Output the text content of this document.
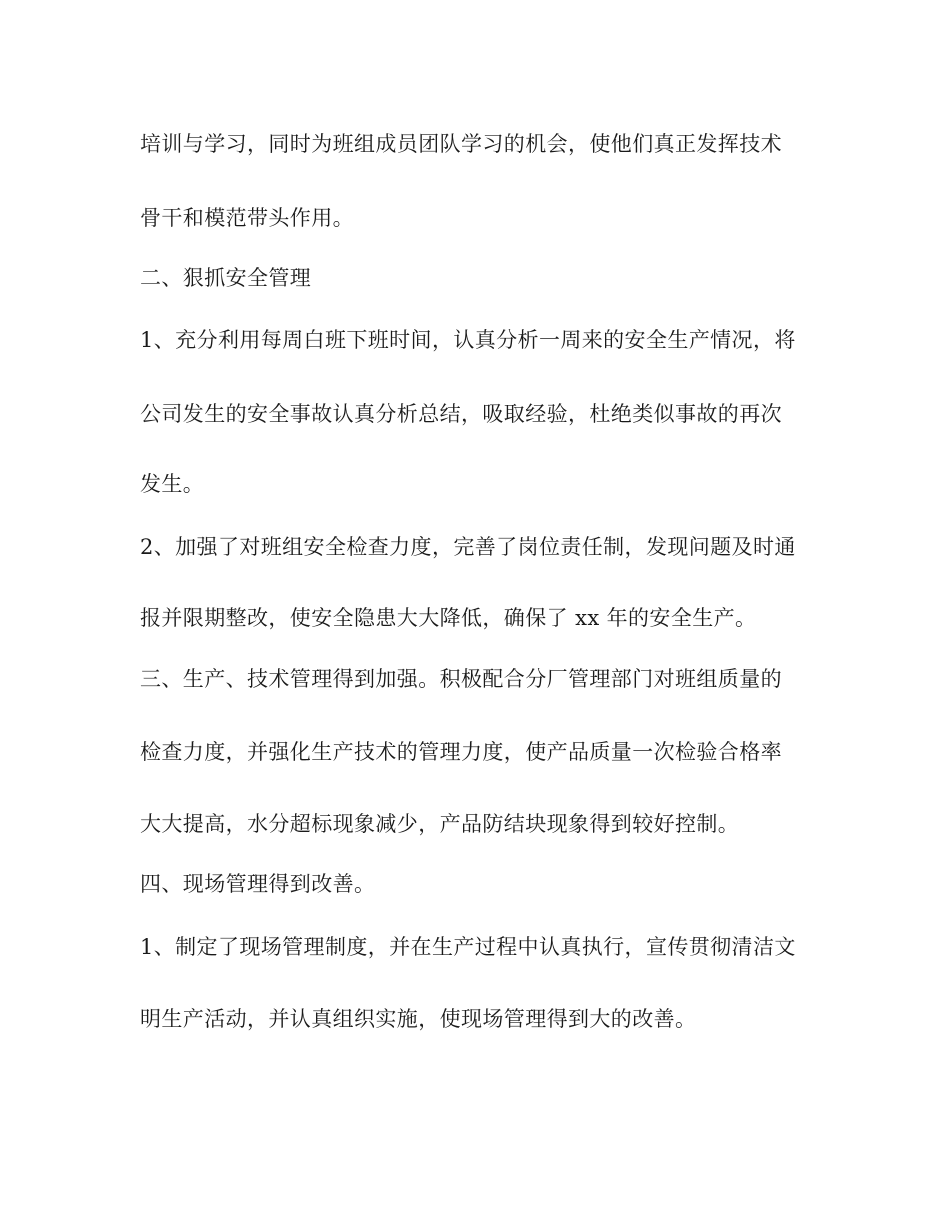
培训与学习，同时为班组成员团队学习的机会，使他们真正发挥技术
骨干和模范带头作用。
二、狠抓安全管理
1、充分利用每周白班下班时间，认真分析一周来的安全生产情况，将
公司发生的安全事故认真分析总结，吸取经验，杜绝类似事故的再次
发生。
2、加强了对班组安全检查力度，完善了岗位责任制，发现问题及时通
报并限期整改，使安全隐患大大降低，确保了 xx 年的安全生产。
三、生产、技术管理得到加强。积极配合分厂管理部门对班组质量的
检查力度，并强化生产技术的管理力度，使产品质量一次检验合格率
大大提高，水分超标现象减少，产品防结块现象得到较好控制。
四、现场管理得到改善。
1、制定了现场管理制度，并在生产过程中认真执行，宣传贯彻清洁文
明生产活动，并认真组织实施，使现场管理得到大的改善。
